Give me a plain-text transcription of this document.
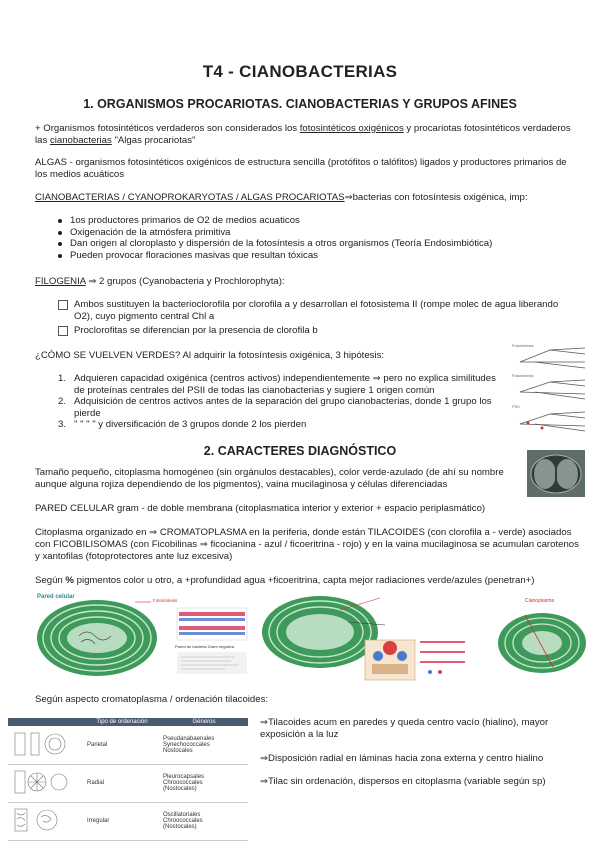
T4 - CIANOBACTERIAS
1. ORGANISMOS PROCARIOTAS. CIANOBACTERIAS Y GRUPOS AFINES
+ Organismos fotosintéticos verdaderos son considerados los fotosintéticos oxigénicos y procariotas fotosintéticos verdaderos las cianobacterias "Algas procariotas"
ALGAS - organismos fotosintéticos oxigénicos de estructura sencilla (protófitos o talófitos) ligados y productores primarios de los medios acuáticos
CIANOBACTERIAS / CYANOPROKARYOTAS / ALGAS PROCARIOTAS⇒bacterias con fotosíntesis oxigénica, imp:
1os productores primarios de O2 de medios acuaticos
Oxigenación de la atmósfera primitiva
Dan origen al cloroplasto y dispersión de la fotosíntesis a otros organismos (Teoría Endosimbiótica)
Pueden provocar floraciones masivas que resultan tóxicas
FILOGENIA ⇒ 2 grupos (Cyanobacteria y Prochlorophyta):
Ambos sustituyen la bacterioclorofila por clorofila a y desarrollan el fotosistema II (rompe molec de agua liberando O2), cuyo pigmento central Chl a
Proclorofitas se diferencian por la presencia de clorofila b
¿CÓMO SE VUELVEN VERDES? Al adquirir la fotosíntesis oxigénica, 3 hipótesis:
1. Adquieren capacidad oxigénica (centros activos) independientemente ⇒ pero no explica similitudes de proteínas centrales del PSII de todas las cianobacterias y sugiere 1 origen común
2. Adquisición de centros activos antes de la separación del grupo cianobacterias, donde 1 grupo los pierde
3. " " " " y diversificación de 3 grupos donde 2 los pierden
Fotosíntesis
Fotosíntesis
PSII
2. CARACTERES DIAGNÓSTICO
Tamaño pequeño, citoplasma homogéneo (sin orgánulos destacables), color verde-azulado (de ahí su nombre aunque alguna rojiza dependiendo de los pigmentos), vaina mucilaginosa y células diferenciadas
PARED CELULAR gram - de doble membrana (citoplasmatica interior y exterior + espacio periplasmático)
Citoplasma organizado en ⇒ CROMATOPLASMA en la periferia, donde están TILACOIDES (con clorofila a - verde) asociados con FICOBILISOMAS (con Ficobilinas ⇒ ficocianina - azul / ficoeritrina - rojo) y en la vaina mucilaginosa se acumulan carotenos y xantofilas (fotoprotectores ante luz excesiva)
Según % pigmentos color u otro, a +profundidad agua +ficoeritrina, capta mejor radiaciones verde/azules (penetran+)
Pared celular
Fotosíntesis
Pared de bacteria Gram negativa
Cianoplasma
Según aspecto cromatoplasma / ordenación tilacoides:
	Tipo de ordenación	Géneros
	Parietal	Pseudanabaenales
Synechococcales
Nostocales

	Radial	Pleurocapsales
Chroococcales
(Nostocales)

	Irregular	Oscillatoriales
Chroococcales
(Nostocales)
⇒Tilacoides acum en paredes y queda centro vacío (hialino), mayor exposición a la luz
⇒Disposición radial en láminas hacia zona externa y centro hialino
⇒Tilac sin ordenación, dispersos en citoplasma (variable según sp)
